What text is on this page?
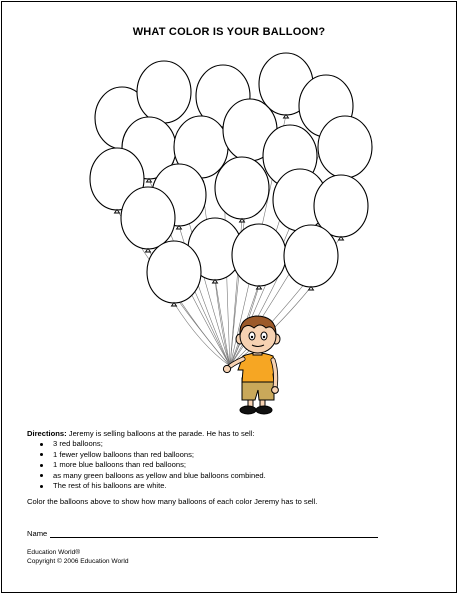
WHAT COLOR IS YOUR BALLOON?
Directions: Jeremy is selling balloons at the parade. He has to sell:
3 red balloons;
1 fewer yellow balloons than red balloons;
1 more blue balloons than red balloons;
as many green balloons as yellow and blue balloons combined.
The rest of his balloons are white.
Color the balloons above to show how many balloons of each color Jeremy has to sell.
Name
Education World®
Copyright © 2006 Education World
